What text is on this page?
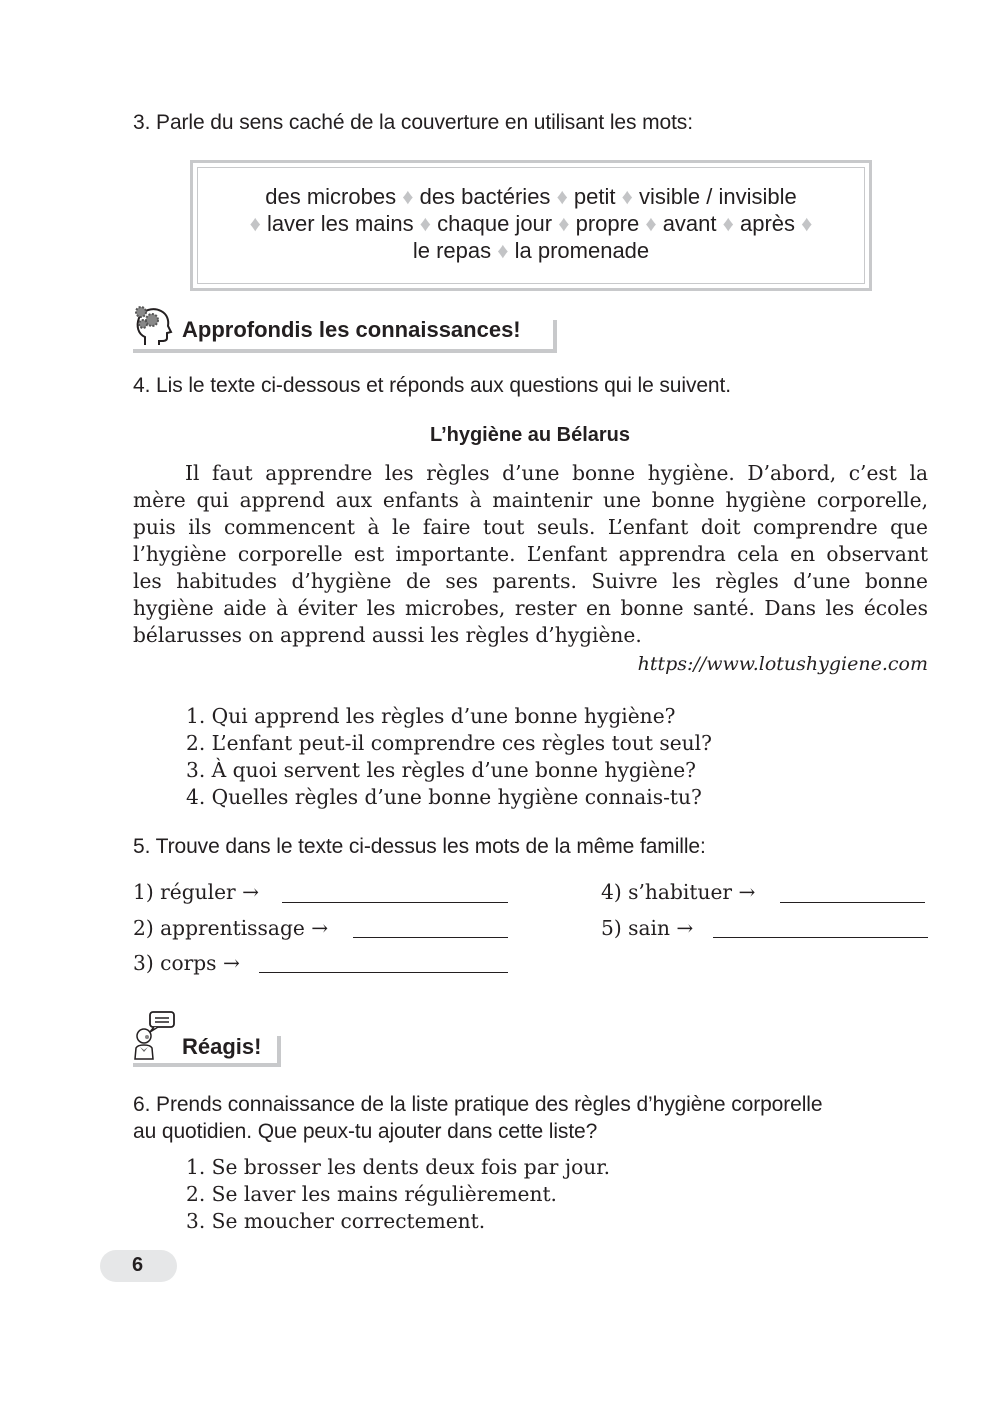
3. Parle du sens caché de la couverture en utilisant les mots:
des microbes ♦ des bactéries ♦ petit ♦ visible / invisible
♦ laver les mains ♦ chaque jour ♦ propre ♦ avant ♦ après ♦
le repas ♦ la promenade
Approfondis les connaissances!
4. Lis le texte ci-dessous et réponds aux questions qui le suivent.
L’hygiène au Bélarus
Il faut apprendre les règles d’une bonne hygiène. D’abord, c’est la
mère qui apprend aux enfants à maintenir une bonne hygiène corporelle,
puis ils commencent à le faire tout seuls. L’enfant doit comprendre que
l’hygiène corporelle est importante. L’enfant apprendra cela en observant
les habitudes d’hygiène de ses parents. Suivre les règles d’une bonne
hygiène aide à éviter les microbes, rester en bonne santé. Dans les écoles
bélarusses on apprend aussi les règles d’hygiène.
https://www.lotushygiene.com
1. Qui apprend les règles d’une bonne hygiène?
2. L’enfant peut-il comprendre ces règles tout seul?
3. À quoi servent les règles d’une bonne hygiène?
4. Quelles règles d’une bonne hygiène connais-tu?
5. Trouve dans le texte ci-dessus les mots de la même famille:
1) réguler →
2) apprentissage →
3) corps →
4) s’habituer →
5) sain →
Réagis!
6. Prends connaissance de la liste pratique des règles d’hygiène corporelle
au quotidien. Que peux-tu ajouter dans cette liste?
1. Se brosser les dents deux fois par jour.
2. Se laver les mains régulièrement.
3. Se moucher correctement.
6
